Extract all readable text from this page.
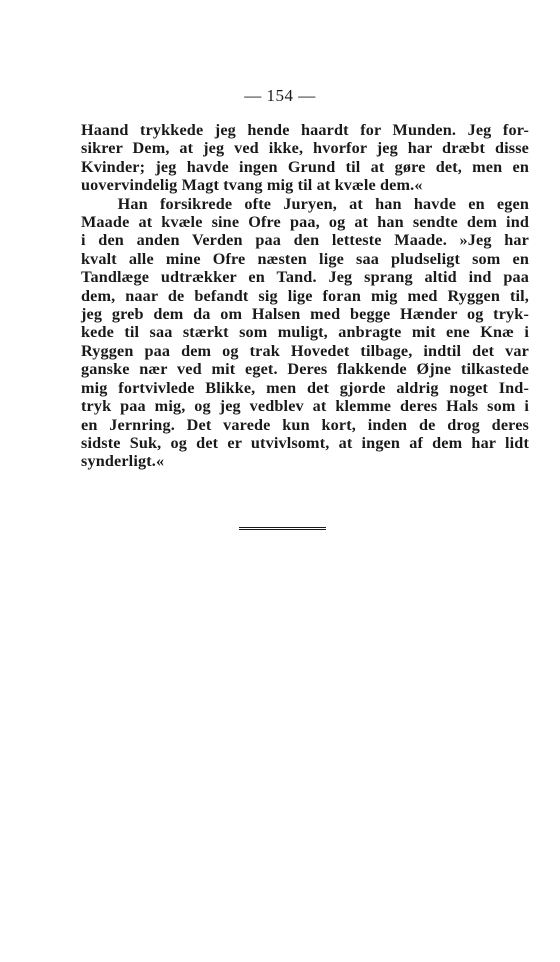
— 154 —
Haand trykkede jeg hende haardt for Munden. Jeg for-
sikrer Dem, at jeg ved ikke, hvorfor jeg har dræbt disse
Kvinder; jeg havde ingen Grund til at gøre det, men en
uovervindelig Magt tvang mig til at kvæle dem.«
Han forsikrede ofte Juryen, at han havde en egen
Maade at kvæle sine Ofre paa, og at han sendte dem ind
i den anden Verden paa den letteste Maade. »Jeg har
kvalt alle mine Ofre næsten lige saa pludseligt som en
Tandlæge udtrækker en Tand. Jeg sprang altid ind paa
dem, naar de befandt sig lige foran mig med Ryggen til,
jeg greb dem da om Halsen med begge Hænder og tryk-
kede til saa stærkt som muligt, anbragte mit ene Knæ i
Ryggen paa dem og trak Hovedet tilbage, indtil det var
ganske nær ved mit eget. Deres flakkende Øjne tilkastede
mig fortvivlede Blikke, men det gjorde aldrig noget Ind-
tryk paa mig, og jeg vedblev at klemme deres Hals som i
en Jernring. Det varede kun kort, inden de drog deres
sidste Suk, og det er utvivlsomt, at ingen af dem har lidt
synderligt.«
